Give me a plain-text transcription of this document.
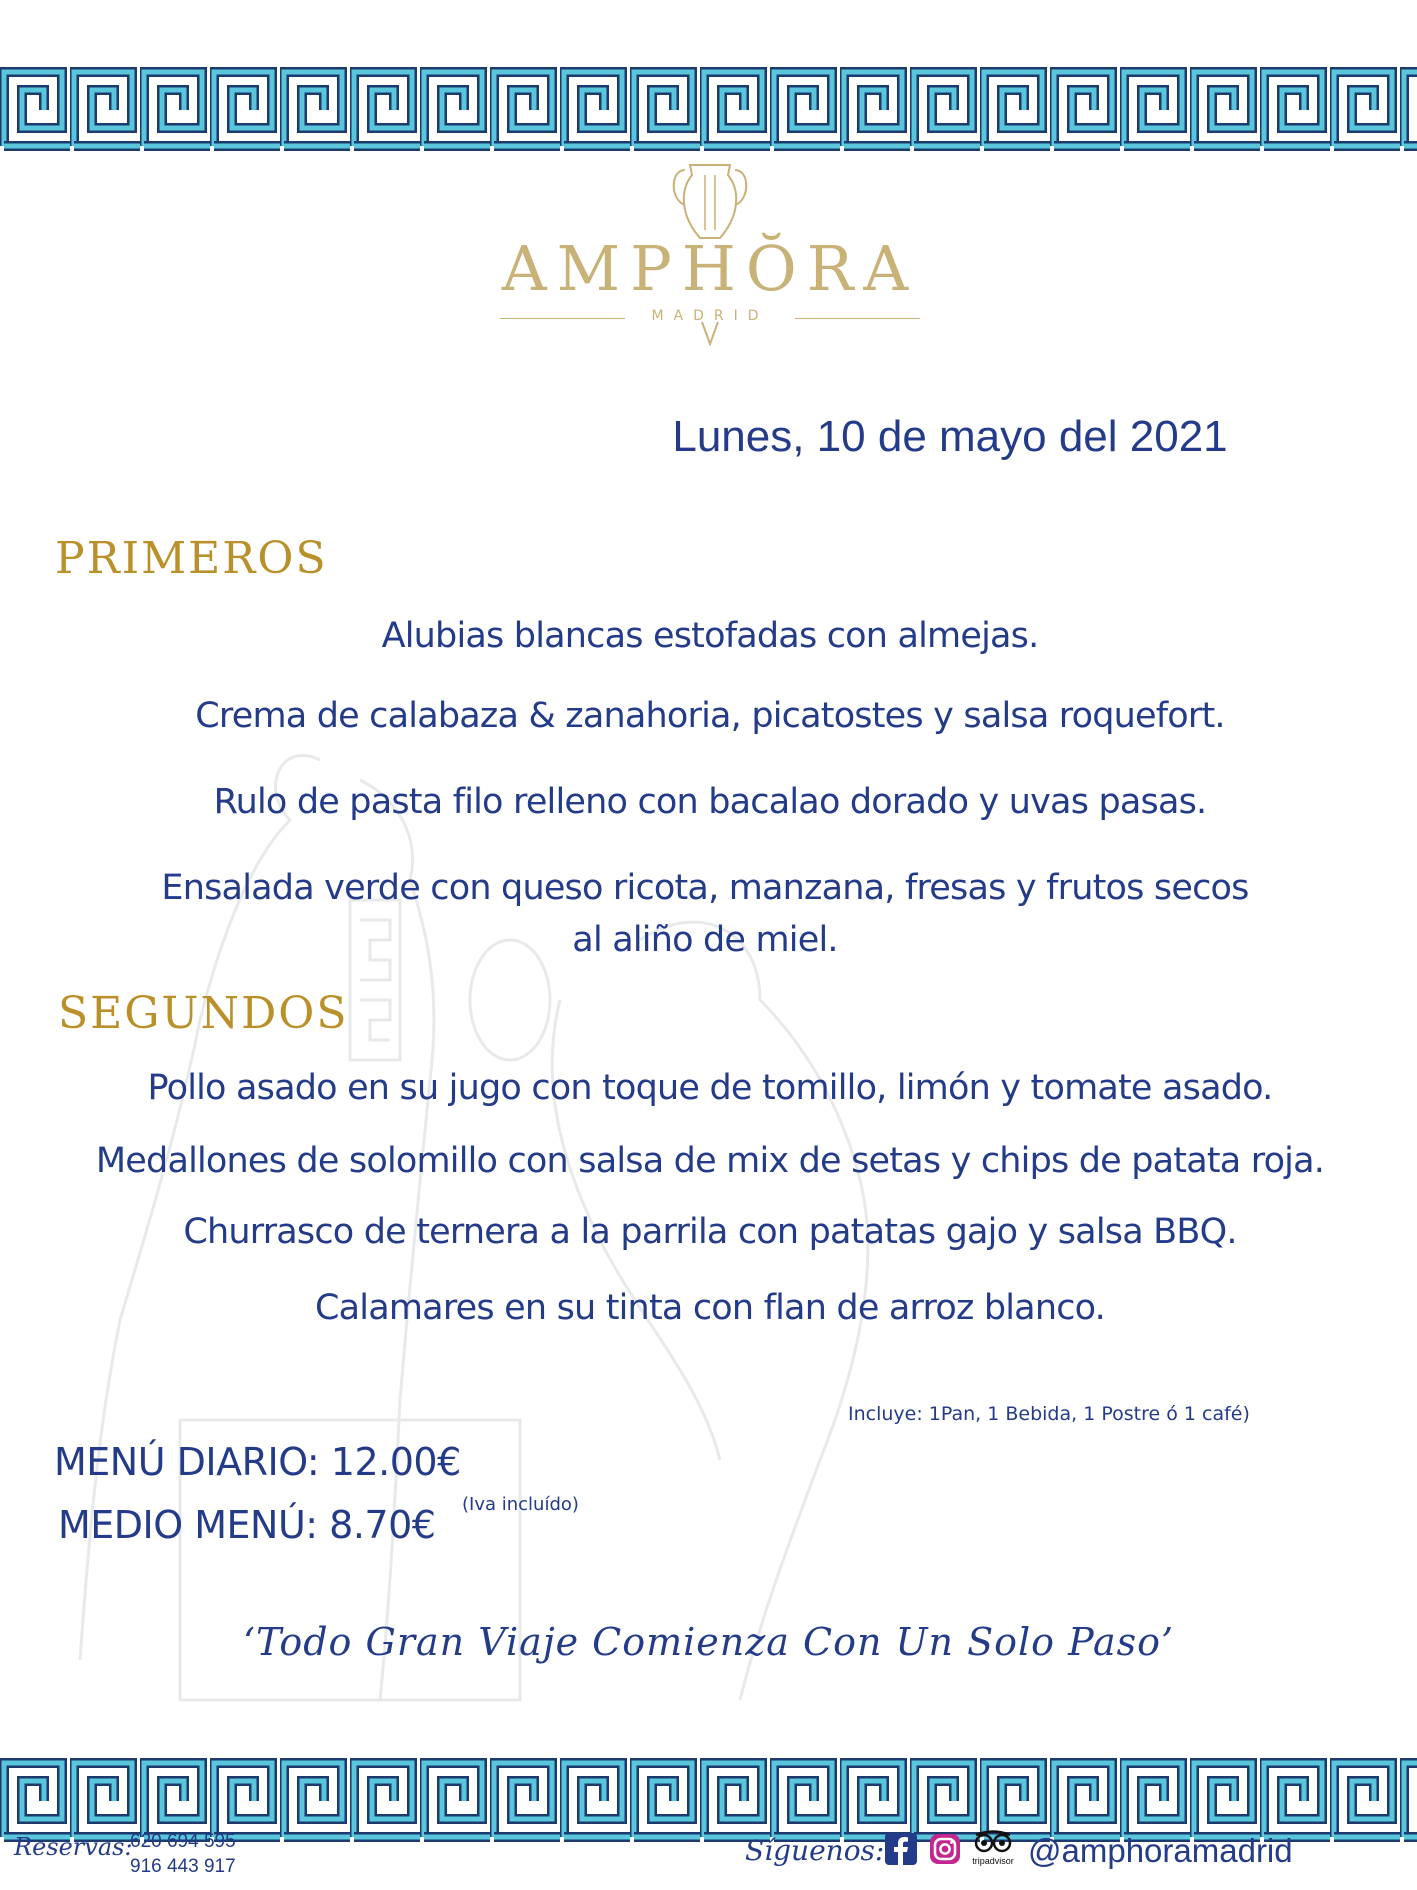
AMPHŎRA
MADRID
Lunes, 10 de mayo del 2021
PRIMEROS
Alubias blancas estofadas con almejas.
Crema de calabaza & zanahoria, picatostes y salsa roquefort.
Rulo de pasta filo relleno con bacalao dorado y uvas pasas.
Ensalada verde con queso ricota, manzana, fresas y frutos secos al aliño de miel.
SEGUNDOS
Pollo asado en su jugo con toque de tomillo, limón y tomate asado.
Medallones de solomillo con salsa de mix de setas y chips de patata roja.
Churrasco de ternera a la parrila con patatas gajo y salsa BBQ.
Calamares en su tinta con flan de arroz blanco.
Incluye: 1Pan, 1 Bebida, 1 Postre ó 1 café)
MENÚ DIARIO: 12.00€
MEDIO MENÚ: 8.70€ (Iva incluído)
‘Todo Gran Viaje Comienza Con Un Solo Paso’
Reservas:
620 694 595
916 443 917	Síguenos:	tripadvisor @amphoramadrid
